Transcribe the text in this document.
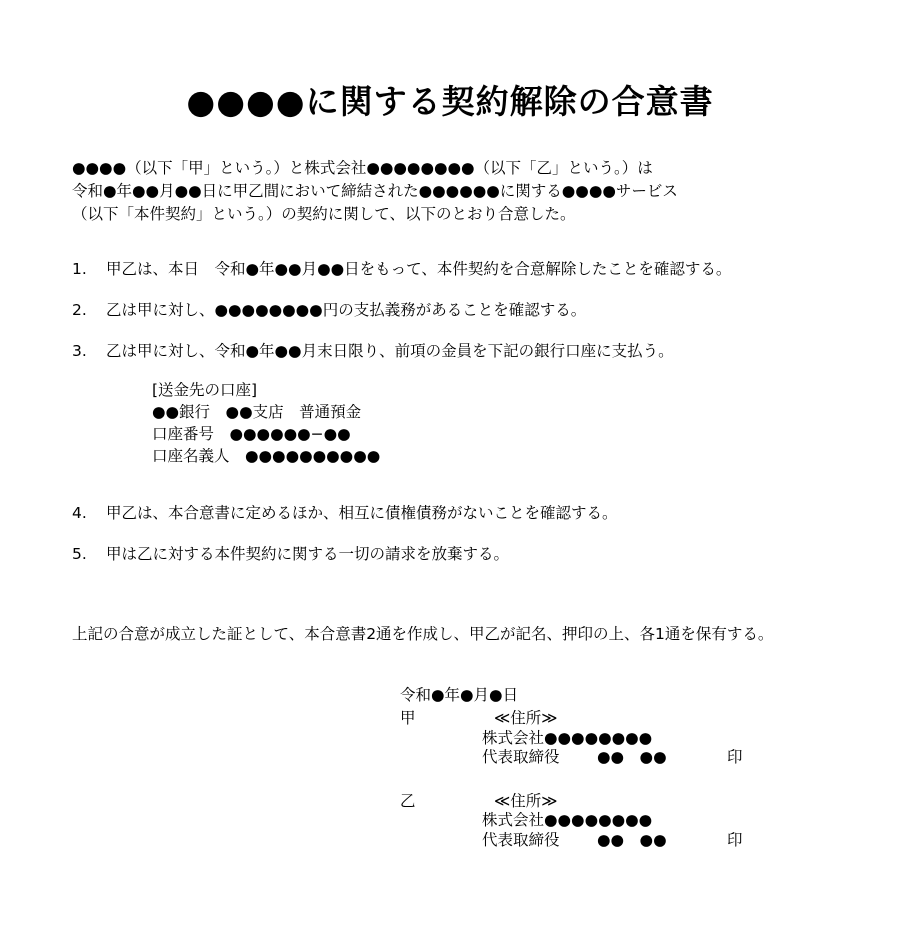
●●●●に関する契約解除の合意書
●●●●（以下「甲」という。）と株式会社●●●●●●●●（以下「乙」という。）は
令和●年●●月●●日に甲乙間において締結された●●●●●●に関する●●●●サービス
（以下「本件契約」という。）の契約に関して、以下のとおり合意した。
1. 甲乙は、本日　令和●年●●月●●日をもって、本件契約を合意解除したことを確認する。
2. 乙は甲に対し、●●●●●●●●円の支払義務があることを確認する。
3. 乙は甲に対し、令和●年●●月末日限り、前項の金員を下記の銀行口座に支払う。
[送金先の口座]
●●銀行　●●支店　普通預金
口座番号　●●●●●●−●●
口座名義人　●●●●●●●●●●
4. 甲乙は、本合意書に定めるほか、相互に債権債務がないことを確認する。
5. 甲は乙に対する本件契約に関する一切の請求を放棄する。
上記の合意が成立した証として、本合意書2通を作成し、甲乙が記名、押印の上、各1通を保有する。
令和●年●月●日
甲	≪住所≫
株式会社●●●●●●●●
代表取締役 ●●　●●	印
乙	≪住所≫
株式会社●●●●●●●●
代表取締役 ●●　●●	印
